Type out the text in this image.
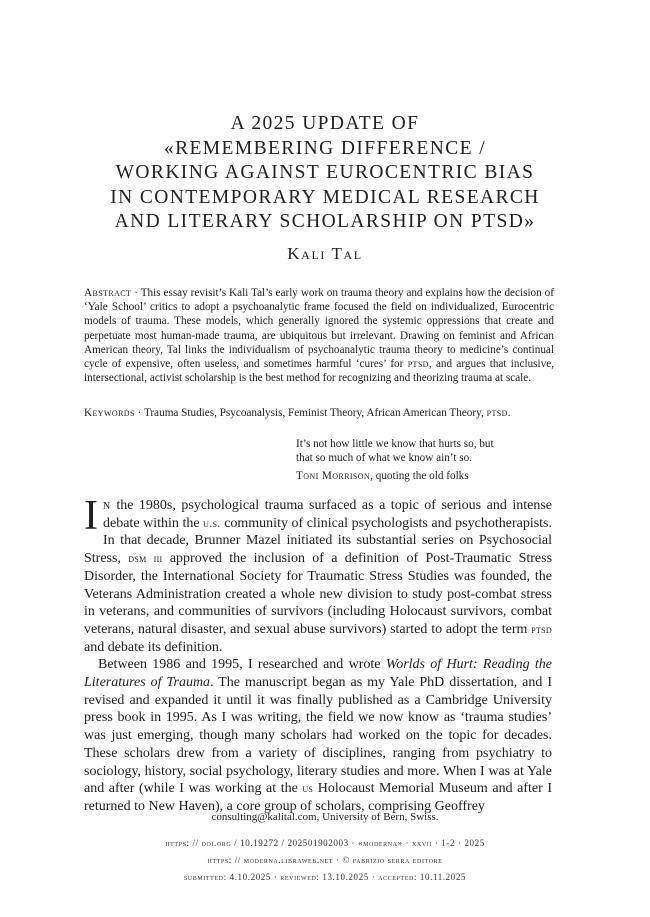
A 2025 UPDATE OF
«REMEMBERING DIFFERENCE /
WORKING AGAINST EUROCENTRIC BIAS
IN CONTEMPORARY MEDICAL RESEARCH
AND LITERARY SCHOLARSHIP ON PTSD»
Kali Tal
Abstract · This essay revisit’s Kali Tal’s early work on trauma theory and explains how the decision of ‘Yale School’ critics to adopt a psychoanalytic frame focused the field on individualized, Eurocentric models of trauma. These models, which generally ignored the systemic oppressions that create and perpetuate most human-made trauma, are ubiquitous but irrelevant. Drawing on feminist and African American theory, Tal links the individualism of psychoanalytic trauma theory to medicine’s continual cycle of expensive, often useless, and sometimes harmful ‘cures’ for ptsd, and argues that inclusive, intersectional, activist scholarship is the best method for recognizing and theorizing trauma at scale.
Keywords · Trauma Studies, Psycoanalysis, Feminist Theory, African American Theory, ptsd.
It’s not how little we know that hurts so, but
that so much of what we know ain’t so.
Toni Morrison, quoting the old folks

In the 1980s, psychological trauma surfaced as a topic of serious and intense debate within the u.s. community of clinical psychologists and psychotherapists. In that decade, Brunner Mazel initiated its substantial series on Psychosocial Stress, dsm iii approved the inclusion of a definition of Post-Traumatic Stress Disorder, the International Society for Traumatic Stress Studies was founded, the Veterans Administration created a whole new division to study post-combat stress in veterans, and communities of survivors (including Holocaust survivors, combat veterans, natural disaster, and sexual abuse survivors) started to adopt the term ptsd and debate its definition.

Between 1986 and 1995, I researched and wrote Worlds of Hurt: Reading the Literatures of Trauma. The manuscript began as my Yale PhD dissertation, and I revised and expanded it until it was finally published as a Cambridge University press book in 1995. As I was writing, the field we now know as ‘trauma studies’ was just emerging, though many scholars had worked on the topic for decades. These scholars drew from a variety of disciplines, ranging from psychiatry to sociology, history, social psychology, literary studies and more. When I was at Yale and after (while I was working at the us Holocaust Memorial Museum and after I returned to New Haven), a core group of scholars, comprising Geoffrey

consulting@kalital.com, University of Bern, Swiss.
https: // doi.org / 10.19272 / 202501902003 · «moderna» · xxvii · 1-2 · 2025
https: // moderna.libraweb.net · © fabrizio serra editore
submitted: 4.10.2025 · reviewed: 13.10.2025 · accepted: 10.11.2025
